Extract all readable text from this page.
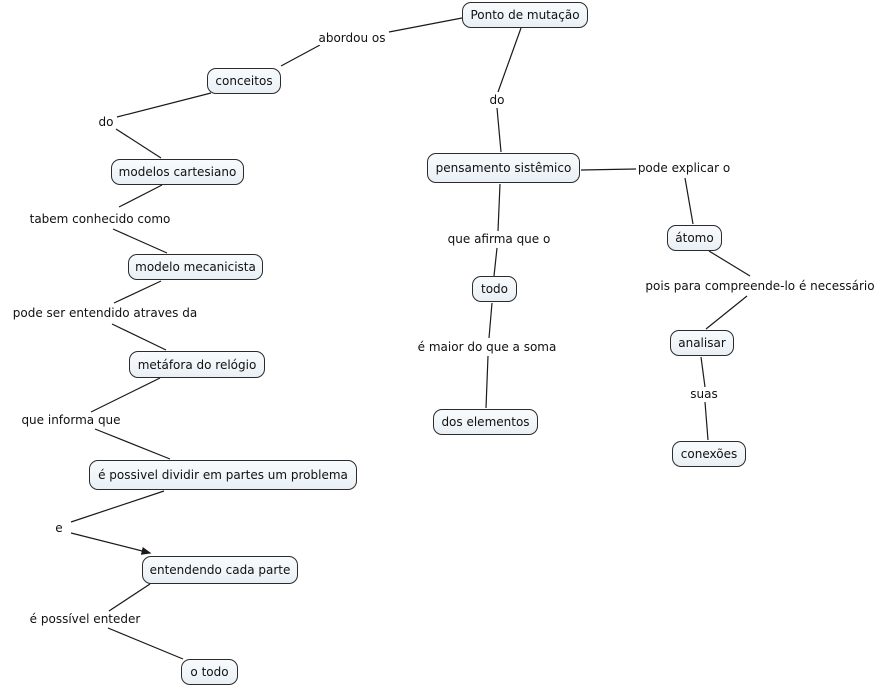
Ponto de mutação
conceitos
modelos cartesiano
modelo mecanicista
metáfora do relógio
é possivel dividir em partes um problema
entendendo cada parte
o todo
pensamento sistêmico
todo
dos elementos
átomo
analisar
conexões
abordou os
do
tabem conhecido como
pode ser entendido atraves da
que informa que
e
é possível enteder
do
que afirma que o
é maior do que a soma
pode explicar o
pois para compreende-lo é necessário
suas
